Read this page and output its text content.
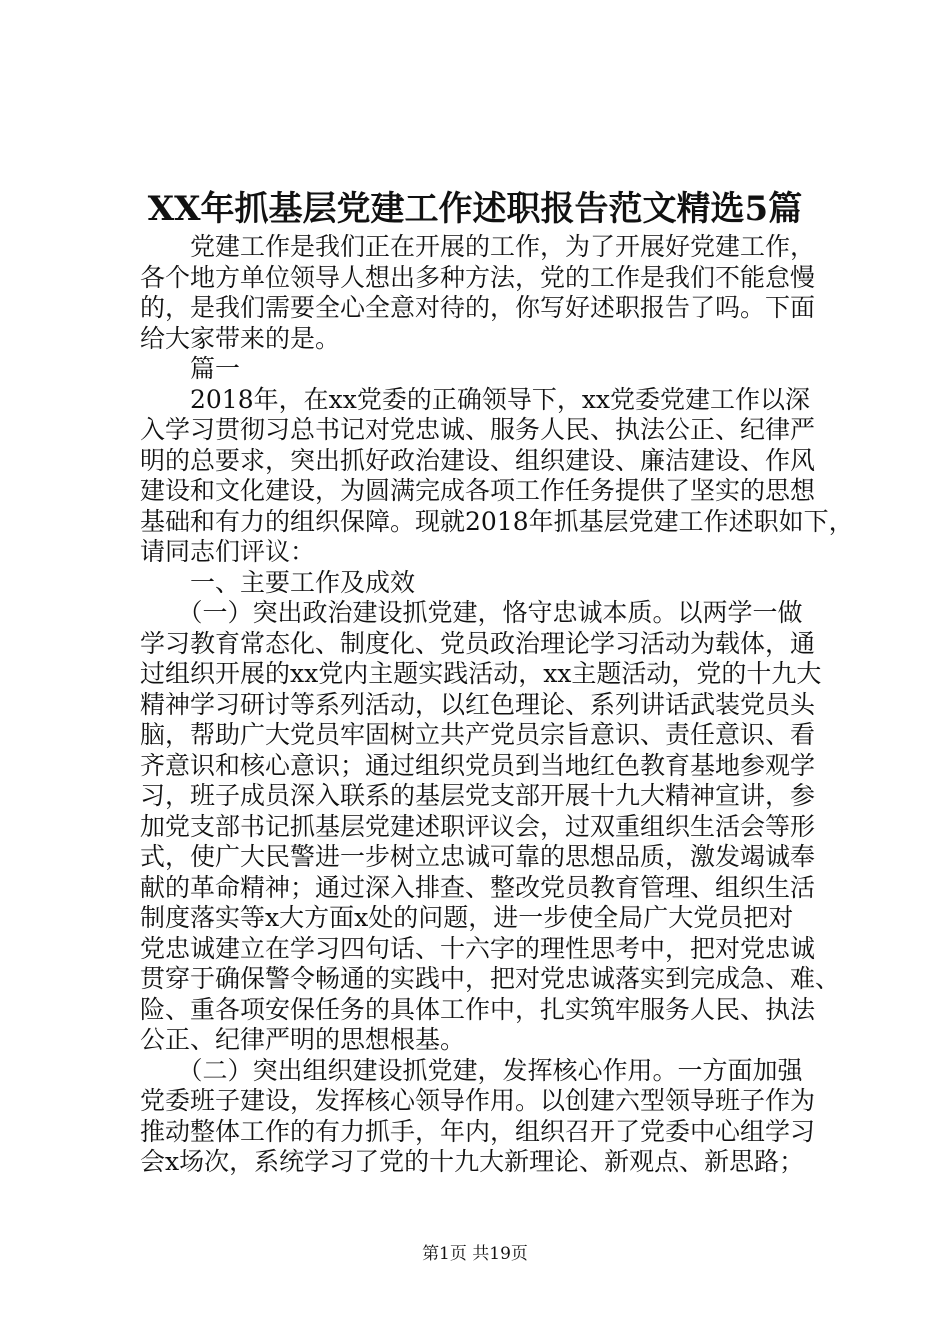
XX年抓基层党建工作述职报告范文精选5篇
　　党建工作是我们正在开展的工作，为了开展好党建工作，
各个地方单位领导人想出多种方法，党的工作是我们不能怠慢
的，是我们需要全心全意对待的，你写好述职报告了吗。下面
给大家带来的是。
　　篇一
　　2018年，在xx党委的正确领导下，xx党委党建工作以深
入学习贯彻习总书记对党忠诚、服务人民、执法公正、纪律严
明的总要求，突出抓好政治建设、组织建设、廉洁建设、作风
建设和文化建设，为圆满完成各项工作任务提供了坚实的思想
基础和有力的组织保障。现就2018年抓基层党建工作述职如下，
请同志们评议：
　　一、主要工作及成效
　　（一）突出政治建设抓党建，恪守忠诚本质。以两学一做
学习教育常态化、制度化、党员政治理论学习活动为载体，通
过组织开展的xx党内主题实践活动，xx主题活动，党的十九大
精神学习研讨等系列活动，以红色理论、系列讲话武装党员头
脑，帮助广大党员牢固树立共产党员宗旨意识、责任意识、看
齐意识和核心意识；通过组织党员到当地红色教育基地参观学
习，班子成员深入联系的基层党支部开展十九大精神宣讲，参
加党支部书记抓基层党建述职评议会，过双重组织生活会等形
式，使广大民警进一步树立忠诚可靠的思想品质，激发竭诚奉
献的革命精神；通过深入排查、整改党员教育管理、组织生活
制度落实等x大方面x处的问题，进一步使全局广大党员把对
党忠诚建立在学习四句话、十六字的理性思考中，把对党忠诚
贯穿于确保警令畅通的实践中，把对党忠诚落实到完成急、难、
险、重各项安保任务的具体工作中，扎实筑牢服务人民、执法
公正、纪律严明的思想根基。
　　（二）突出组织建设抓党建，发挥核心作用。一方面加强
党委班子建设，发挥核心领导作用。以创建六型领导班子作为
推动整体工作的有力抓手，年内，组织召开了党委中心组学习
会x场次，系统学习了党的十九大新理论、新观点、新思路；
第1页 共19页
